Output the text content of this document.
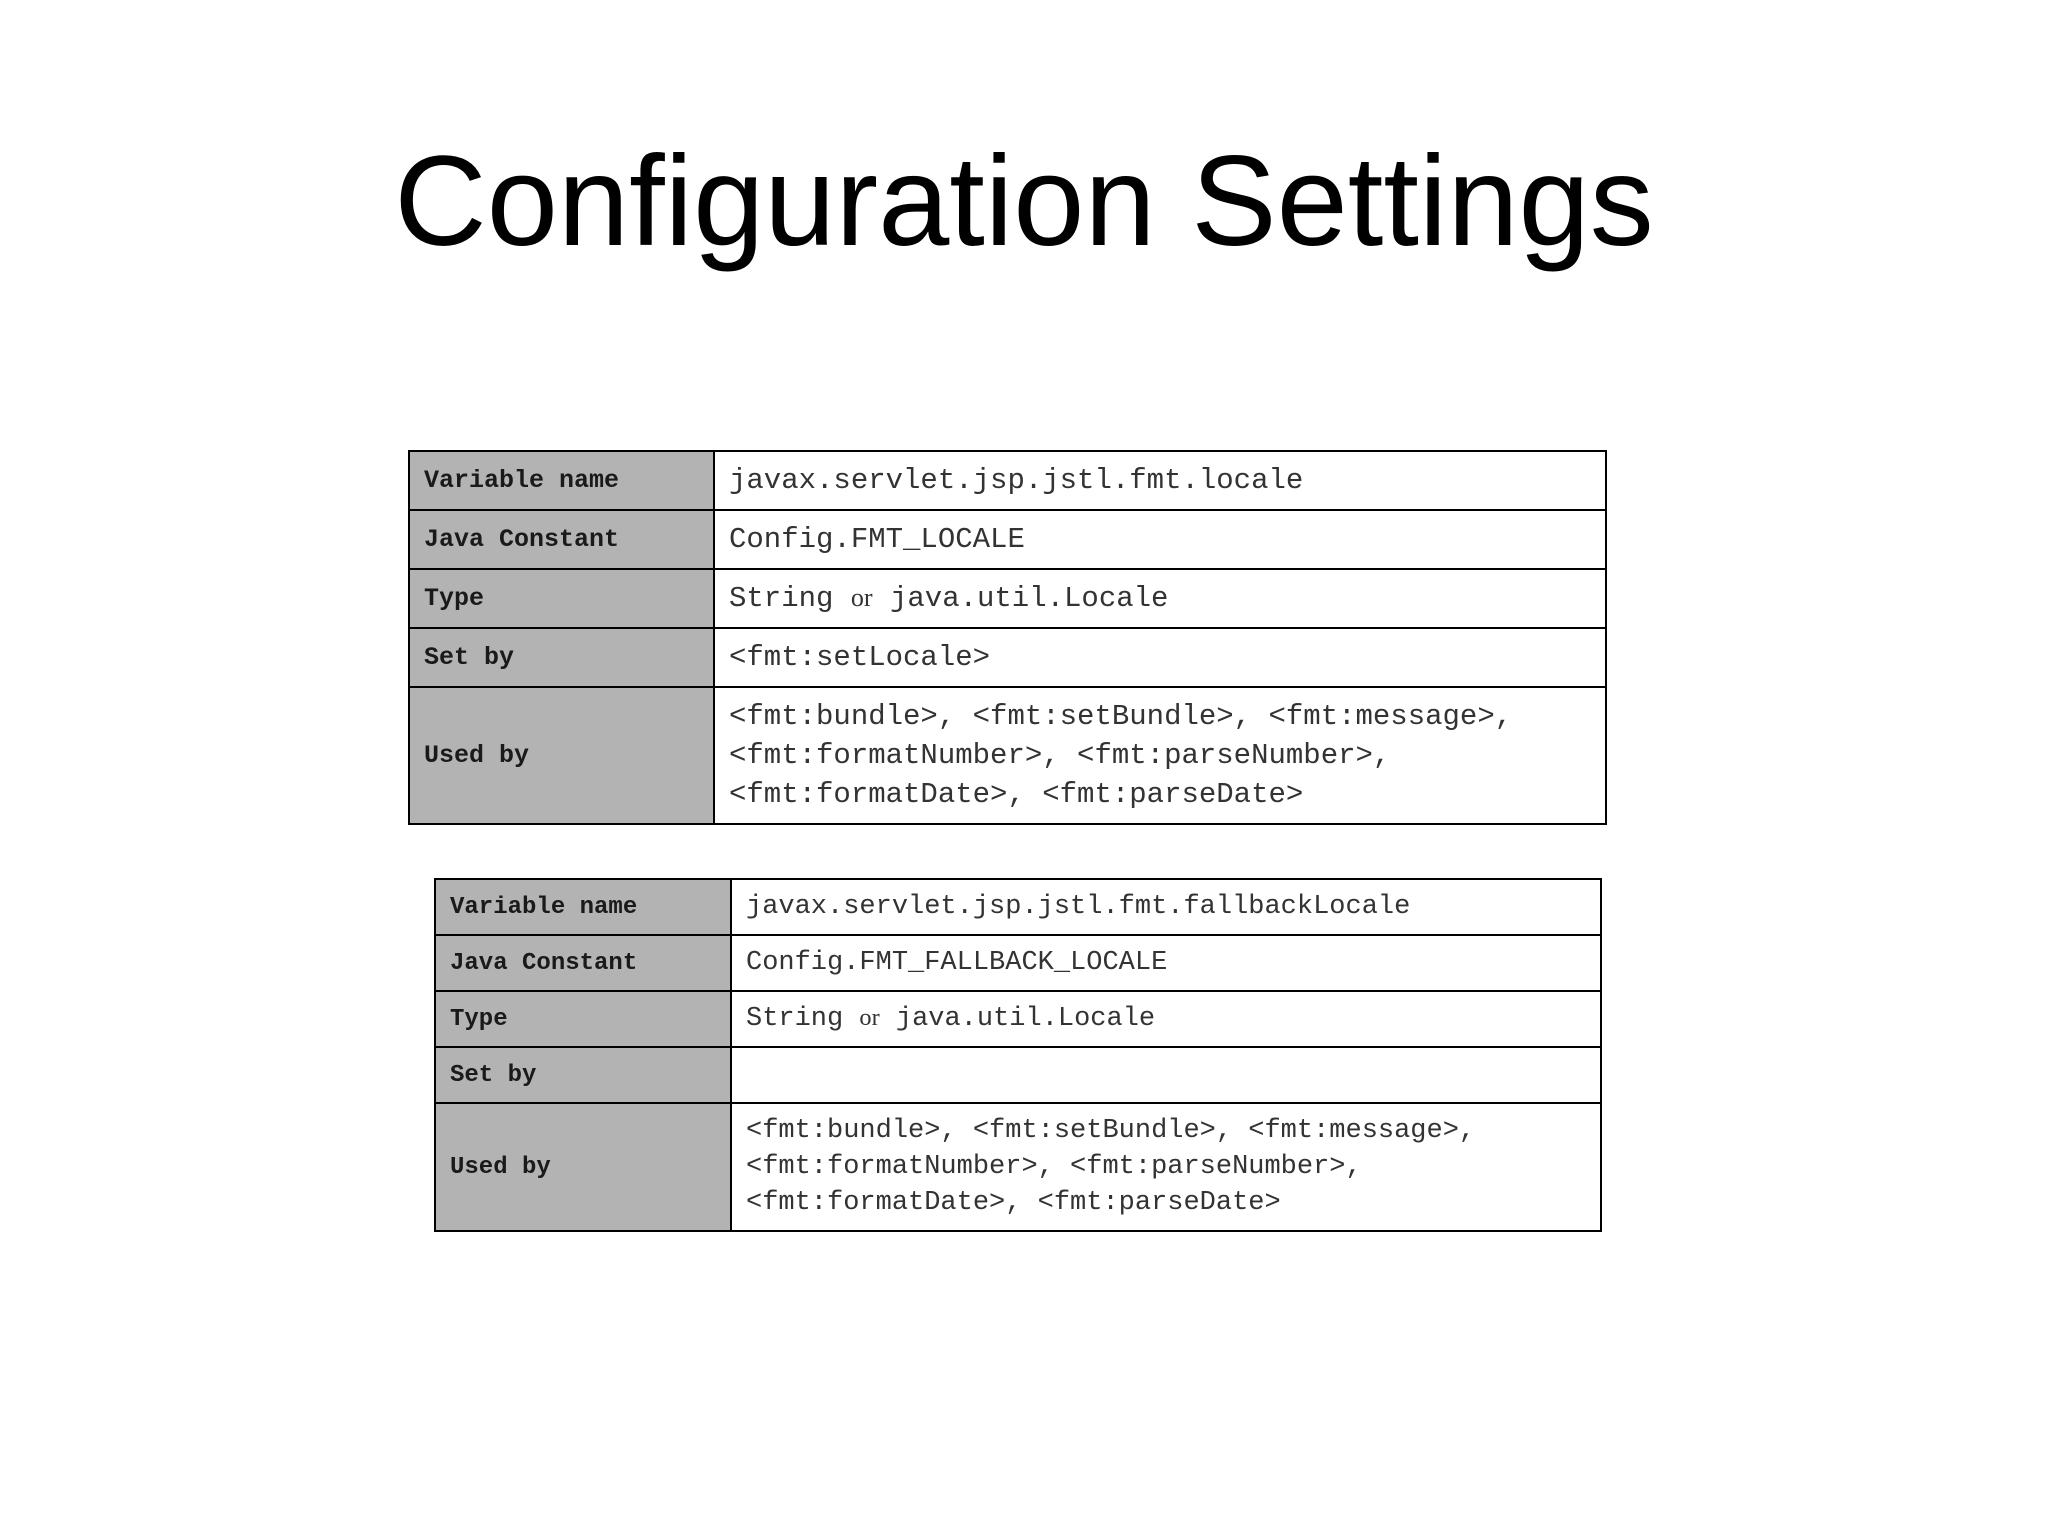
Configuration Settings
Variable name	javax.servlet.jsp.jstl.fmt.locale
Java Constant	Config.FMT_LOCALE
Type	String or java.util.Locale
Set by	<fmt:setLocale>
Used by	<fmt:bundle>, <fmt:setBundle>, <fmt:message>,
<fmt:formatNumber>, <fmt:parseNumber>,
<fmt:formatDate>, <fmt:parseDate>
Variable name	javax.servlet.jsp.jstl.fmt.fallbackLocale
Java Constant	Config.FMT_FALLBACK_LOCALE
Type	String or java.util.Locale
Set by	
Used by	<fmt:bundle>, <fmt:setBundle>, <fmt:message>,
<fmt:formatNumber>, <fmt:parseNumber>,
<fmt:formatDate>, <fmt:parseDate>
